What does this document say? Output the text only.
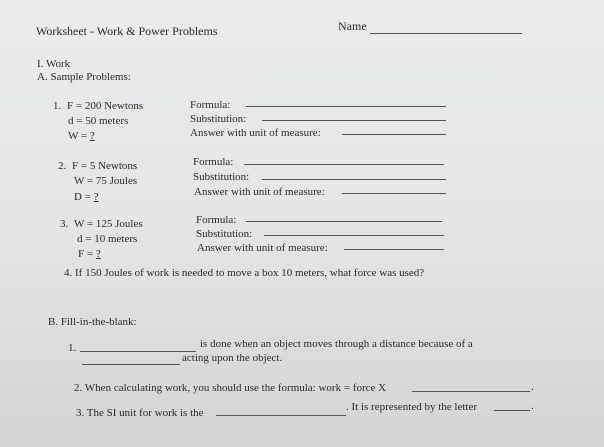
Worksheet - Work & Power Problems	Name
I. Work
A. Sample Problems:
1. F = 200 Newtons
d = 50 meters
W = ?
Formula:
Substitution:
Answer with unit of measure:
2. F = 5 Newtons
W = 75 Joules
D = ?
Formula:
Substitution:
Answer with unit of measure:
3. W = 125 Joules
d = 10 meters
F = ?
Formula:
Substitution:
Answer with unit of measure:
4. If 150 Joules of work is needed to move a box 10 meters, what force was used?
B. Fill-in-the-blank:
1.	is done when an object moves through a distance because of a
acting upon the object.
2. When calculating work, you should use the formula: work = force X	.
3. The SI unit for work is the	. It is represented by the letter	.
